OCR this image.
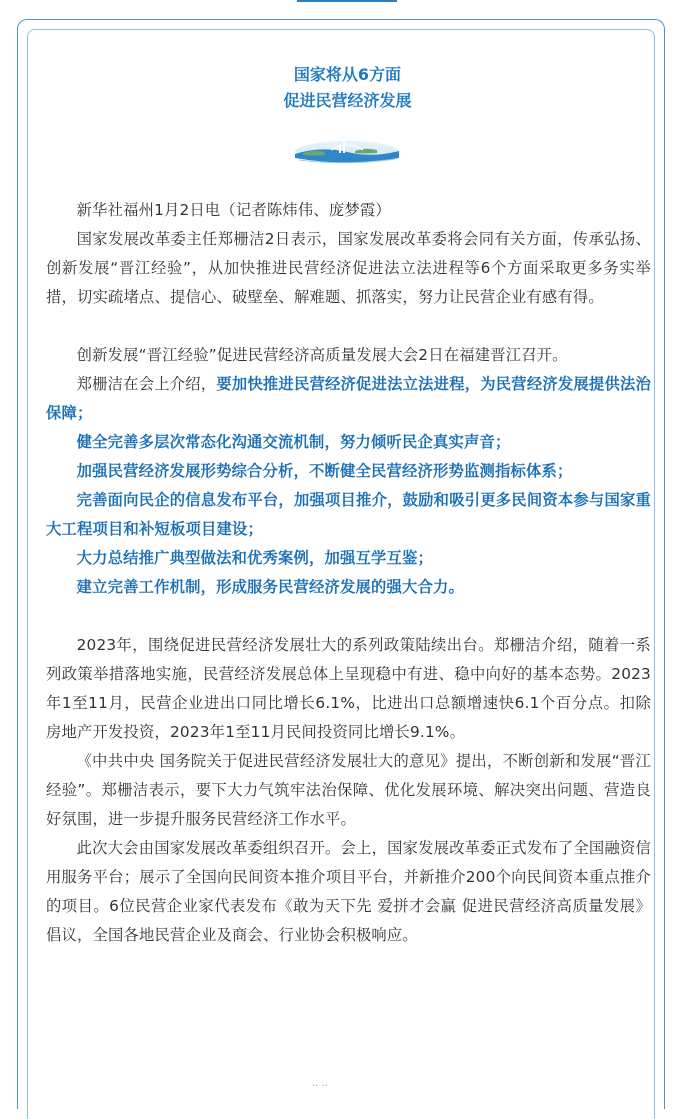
国家将从6方面
促进民营经济发展

新华社福州1月2日电（记者陈炜伟、庞梦霞）

国家发展改革委主任郑栅洁2日表示，国家发展改革委将会同有关方面，传承弘扬、创新发展“晋江经验”，从加快推进民营经济促进法立法进程等6个方面采取更多务实举措，切实疏堵点、提信心、破壁垒、解难题、抓落实，努力让民营企业有感有得。

创新发展“晋江经验”促进民营经济高质量发展大会2日在福建晋江召开。

郑栅洁在会上介绍，要加快推进民营经济促进法立法进程，为民营经济发展提供法治保障；

健全完善多层次常态化沟通交流机制，努力倾听民企真实声音；

加强民营经济发展形势综合分析，不断健全民营经济形势监测指标体系；

完善面向民企的信息发布平台，加强项目推介，鼓励和吸引更多民间资本参与国家重大工程项目和补短板项目建设；

大力总结推广典型做法和优秀案例，加强互学互鉴；

建立完善工作机制，形成服务民营经济发展的强大合力。

2023年，围绕促进民营经济发展壮大的系列政策陆续出台。郑栅洁介绍，随着一系列政策举措落地实施，民营经济发展总体上呈现稳中有进、稳中向好的基本态势。2023年1至11月，民营企业进出口同比增长6.1%，比进出口总额增速快6.1个百分点。扣除房地产开发投资，2023年1至11月民间投资同比增长9.1%。

《中共中央 国务院关于促进民营经济发展壮大的意见》提出，不断创新和发展“晋江经验”。郑栅洁表示，要下大力气筑牢法治保障、优化发展环境、解决突出问题、营造良好氛围，进一步提升服务民营经济工作水平。

此次大会由国家发展改革委组织召开。会上，国家发展改革委正式发布了全国融资信用服务平台；展示了全国向民间资本推介项目平台，并新推介200个向民间资本重点推介的项目。6位民营企业家代表发布《敢为天下先 爱拼才会赢 促进民营经济高质量发展》倡议，全国各地民营企业及商会、行业协会积极响应。

·· ··
